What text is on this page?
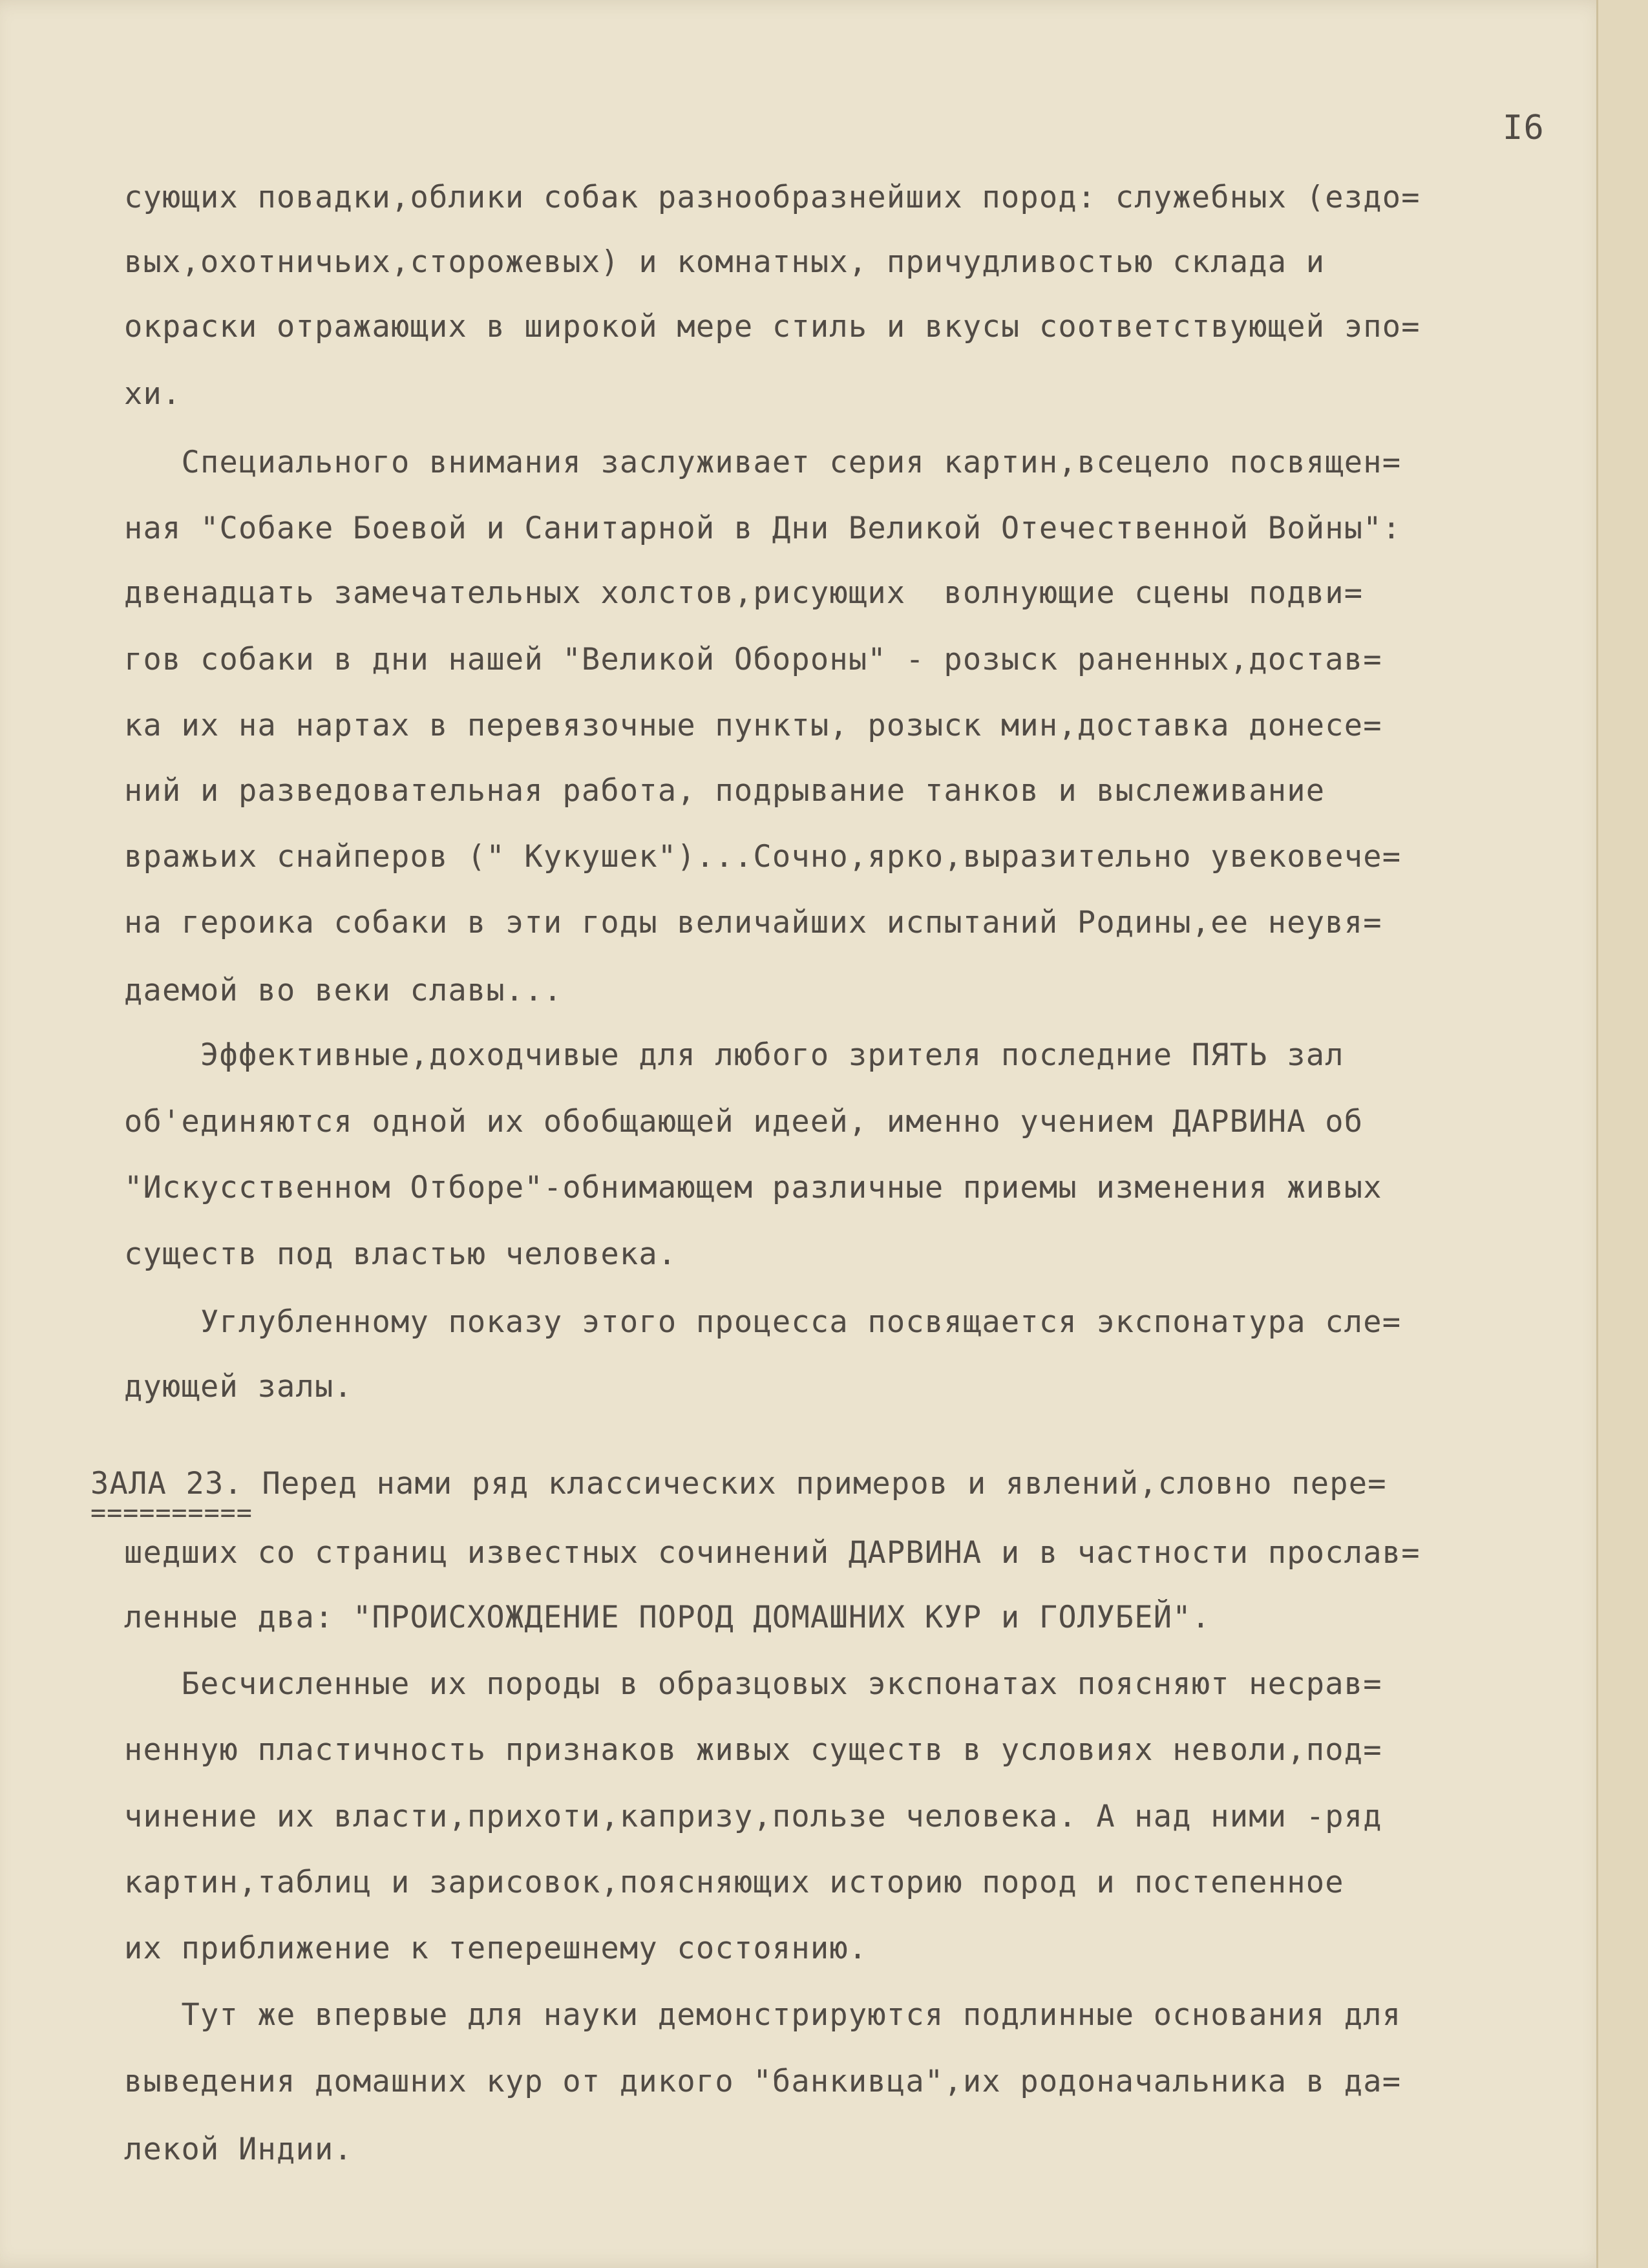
I6

сующих повадки,облики собак разнообразнейших пород: служебных (ездо=

вых,охотничьих,сторожевых) и комнатных, причудливостью склада и

окраски отражающих в широкой мере стиль и вкусы соответствующей эпо=

хи.

Специального внимания заслуживает серия картин,всецело посвящен=

ная "Собаке Боевой и Санитарной в Дни Великой Отечественной Войны":

двенадцать замечательных холстов,рисующих  волнующие сцены подви=

гов собаки в дни нашей "Великой Обороны" - розыск раненных,достав=

ка их на нартах в перевязочные пункты, розыск мин,доставка донесе=

ний и разведовательная работа, подрывание танков и выслеживание

вражьих снайперов (" Кукушек")...Сочно,ярко,выразительно увековече=

на героика собаки в эти годы величайших испытаний Родины,ее неувя=

даемой во веки славы...

Эффективные,доходчивые для любого зрителя последние ПЯТЬ зал

об'единяются одной их обобщающей идеей, именно учением ДАРВИНА об

"Искусственном Отборе"-обнимающем различные приемы изменения живых

существ под властью человека.

Углубленному показу этого процесса посвящается экспонатура сле=

дующей залы.

ЗАЛА 23. Перед нами ряд классических примеров и явлений,словно пере=

==========

шедших со страниц известных сочинений ДАРВИНА и в частности прослав=

ленные два: "ПРОИСХОЖДЕНИЕ ПОРОД ДОМАШНИХ КУР и ГОЛУБЕЙ".

Бесчисленные их породы в образцовых экспонатах поясняют несрав=

ненную пластичность признаков живых существ в условиях неволи,под=

чинение их власти,прихоти,капризу,пользе человека. А над ними -ряд

картин,таблиц и зарисовок,поясняющих историю пород и постепенное

их приближение к теперешнему состоянию.

Тут же впервые для науки демонстрируются подлинные основания для

выведения домашних кур от дикого "банкивца",их родоначальника в да=

лекой Индии.
